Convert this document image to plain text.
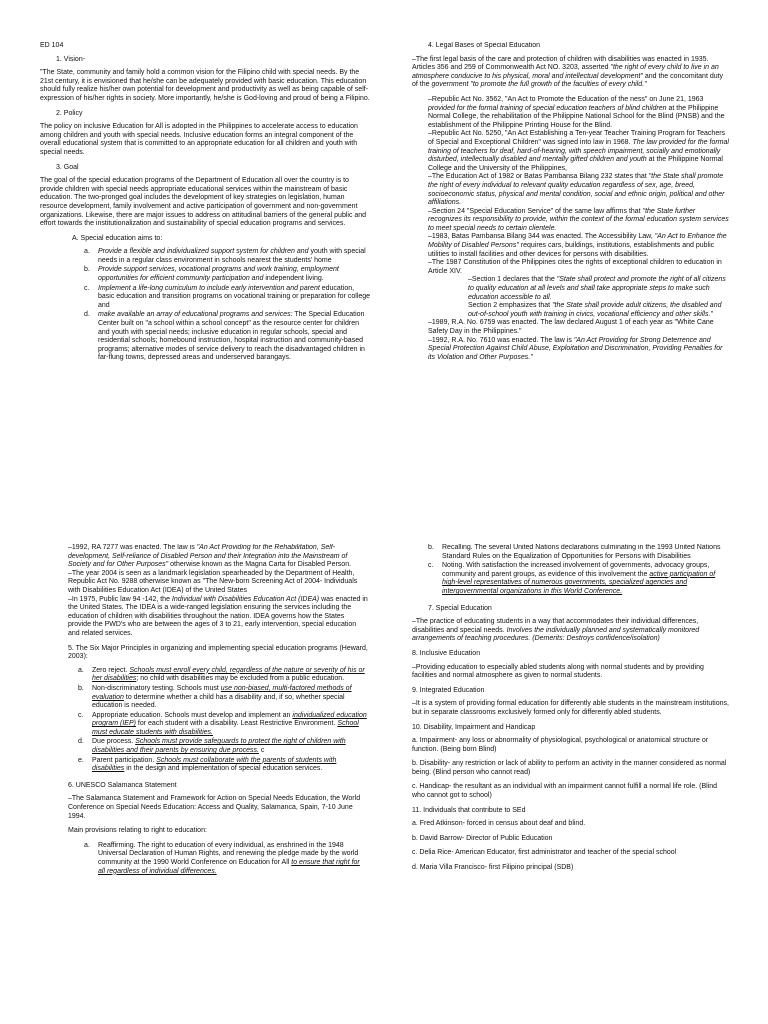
ED 104

1. Vision-

"The State, community and family hold a common vision for the Filipino child with special needs. By the 21st century, it is envisioned that he/she can be adequately provided with basic education. This education should fully realize his/her own potential for development and productivity as well as being capable of self-expression of his/her rights in society. More importantly, he/she is God-loving and proud of being a Filipino.

2. Policy

The policy on inclusive Education for All is adopted in the Philippines to accelerate access to education among children and youth with special needs. Inclusive education forms an integral component of the overall educational system that is committed to an appropriate education for all children and youth with special needs.

3. Goal

The goal of the special education programs of the Department of Education all over the country is to provide children with special needs appropriate educational services within the mainstream of basic education. The two-pronged goal includes the development of key strategies on legislation, human resource development, family involvement and active participation of government and non-government organizations. Likewise, there are major issues to address on attitudinal barriers of the general public and effort towards the institutionalization and sustainability of special education programs and services.

A. Special education aims to:

a.	Provide a flexible and individualized support system for children and youth with special needs in a regular class environment in schools nearest the students' home
b.	Provide support services, vocational programs and work training, employment opportunities for efficient community participation and independent living.
c.	Implement a life-long curriculum to include early intervention and parent education, basic education and transition programs on vocational training or preparation for college and
d.	make available an array of educational programs and services: The Special Education Center built on "a school within a school concept" as the resource center for children and youth with special needs; inclusive education in regular schools, special and residential schools; homebound instruction, hospital instruction and community-based programs; alternative modes of service delivery to reach the disadvantaged children in far-flung towns, depressed areas and underserved barangays.

4. Legal Bases of Special Education

–The first legal basis of the care and protection of children with disabilities was enacted in 1935. Articles 356 and 259 of Commonwealth Act NO. 3203, asserted "the right of every child to live in an atmosphere conducive to his physical, moral and intellectual development" and the concomitant duty of the government "to promote the full growth of the faculties of every child."

–Republic Act No. 3562, "An Act to Promote the Education of the ness" on June 21, 1963 provided for the formal training of special education teachers of blind children at the Philippine Normal College, the rehabilitation of the Philippine National School for the Blind (PNSB) and the establishment of the Philippine Printing House for the Blind.

–Republic Act No. 5250, "An Act Establishing a Ten-year Teacher Training Program for Teachers of Special and Exceptional Children" was signed into law in 1968. The law provided for the formal training of teachers for deaf, hard-of-hearing, with speech impairment, socially and emotionally disturbed, intellectually disabled and mentally gifted children and youth at the Philippine Normal College and the University of the Philippines,

–The Education Act of 1982 or Batas Pambansa Bilang 232 states that "the State shall promote the right of every individual to relevant quality education regardless of sex, age, breed, socioeconomic status, physical and mental condition, social and ethnic origin, political and other affiliations.

–Section 24 "Special Education Service" of the same law affirms that "the State further recognizes its responsibility to provide, within the context of the formal education system services to meet special needs to certain clientele.

–1983, Batas Pambansa Bilang 344 was enacted. The Accessibility Law, "An Act to Enhance the Mobility of Disabled Persons" requires cars, buildings, institutions, establishments and public utilities to install facilities and other devices for persons with disabilities.

–The 1987 Constitution of the Philippines cites the rights of exceptional children to education in Article XIV.

–Section 1 declares that the "State shall protect and promote the right of all citizens to quality education at all levels and shall take appropriate steps to make such education accessible to all.

Section 2 emphasizes that "the State shall provide adult citizens, the disabled and out-of-school youth with training in civics, vocational efficiency and other skills."

–1989, R.A. No. 6759 was enacted. The law declared August 1 of each year as "White Cane Safety Day in the Philippines."

–1992, R.A. No. 7610 was enacted. The law is "An Act Providing for Strong Deterrence and Special Protection Against Child Abuse, Exploitation and Discrimination, Providing Penalties for its Violation and Other Purposes."

–1992, RA 7277 was enacted. The law is "An Act Providing for the Rehabilitation, Self-development, Self-reliance of Disabled Person and their Integration into the Mainstream of Society and for Other Purposes" otherwise known as the Magna Carta for Disabled Person.

–The year 2004 is seen as a landmark legislation spearheaded by the Department of Health, Republic Act No. 9288 otherwise known as "The New-born Screening Act of 2004- Individuals with Disabilities Education Act (IDEA) of the United States

–In 1975, Public law 94 -142, the Individual with Disabilities Education Act (IDEA) was enacted in the United States. The IDEA is a wide-ranged legislation ensuring the services including the education of children with disabilities throughout the nation. IDEA governs how the States provide the PWD's who are between the ages of 3 to 21, early intervention, special education and related services.

5. The Six Major Principles in organizing and implementing special education programs (Heward, 2003):

a.	Zero reject. Schools must enroll every child, regardless of the nature or severity of his or her disabilities; no child with disabilities may be excluded from a public education.
b.	Non-discriminatory testing. Schools must use non-biased, multi-factored methods of evaluation to determine whether a child has a disability and, if so, whether special education is needed.
c.	Appropriate education. Schools must develop and implement an individualized education program (IEP) for each student with a disability. Least Restrictive Environment. School must educate students with disabilities.
d.	Due process. Schools must provide safeguards to protect the right of children with disabilities and their parents by ensuring due process. c
e.	Parent participation. Schools must collaborate with the parents of students with disabilities in the design and implementation of special education services.

6. UNESCO Salamanca Statement

–The Salamanca Statement and Framework for Action on Special Needs Education, the World Conference on Special Needs Education: Access and Quality, Salamanca, Spain, 7-10 June 1994.

Main provisions relating to right to education:

a.	Reaffirming. The right to education of every individual, as enshrined in the 1948 Universal Declaration of Human Rights, and renewing the pledge made by the world community at the 1990 World Conference on Education for All to ensure that right for all regardless of individual differences.
b.	Recalling. The several United Nations declarations culminating in the 1993 United Nations Standard Rules on the Equalization of Opportunities for Persons with Disabilities
c.	Noting. With satisfaction the increased involvement of governments, advocacy groups, community and parent groups, as evidence of this involvement the active participation of high-level representatives of numerous governments, specialized agencies and intergovernmental organizations in this World Conference.

7. Special Education

–The practice of educating students in a way that accommodates their individual differences, disabilities and special needs. Involves the individually planned and systematically monitored arrangements of teaching procedures. (Demerits: Destroys confidence/isolation)

8. Inclusive Education

–Providing education to especially abled students along with normal students and by providing facilities and normal atmosphere as given to normal students.

9. Integrated Education

–It is a system of providing formal education for differently able students in the mainstream institutions, but in separate classrooms exclusively formed only for differently abled students.

10. Disability, Impairment and Handicap

a. Impairment- any loss or abnormality of physiological, psychological or anatomical structure or function. (Being born Blind)

b. Disability- any restriction or lack of ability to perform an activity in the manner considered as normal being. (Blind person who cannot read)

c. Handicap- the resultant as an individual with an impairment cannot fulfill a normal life role. (Blind who cannot got to school)

11. Individuals that contribute to SEd

a. Fred Atkinson- forced in census about deaf and blind.

b. David Barrow- Director of Public Education

c. Delia Rice- American Educator, first administrator and teacher of the special school

d. Maria Villa Francisco- first Filipino principal (SDB)
